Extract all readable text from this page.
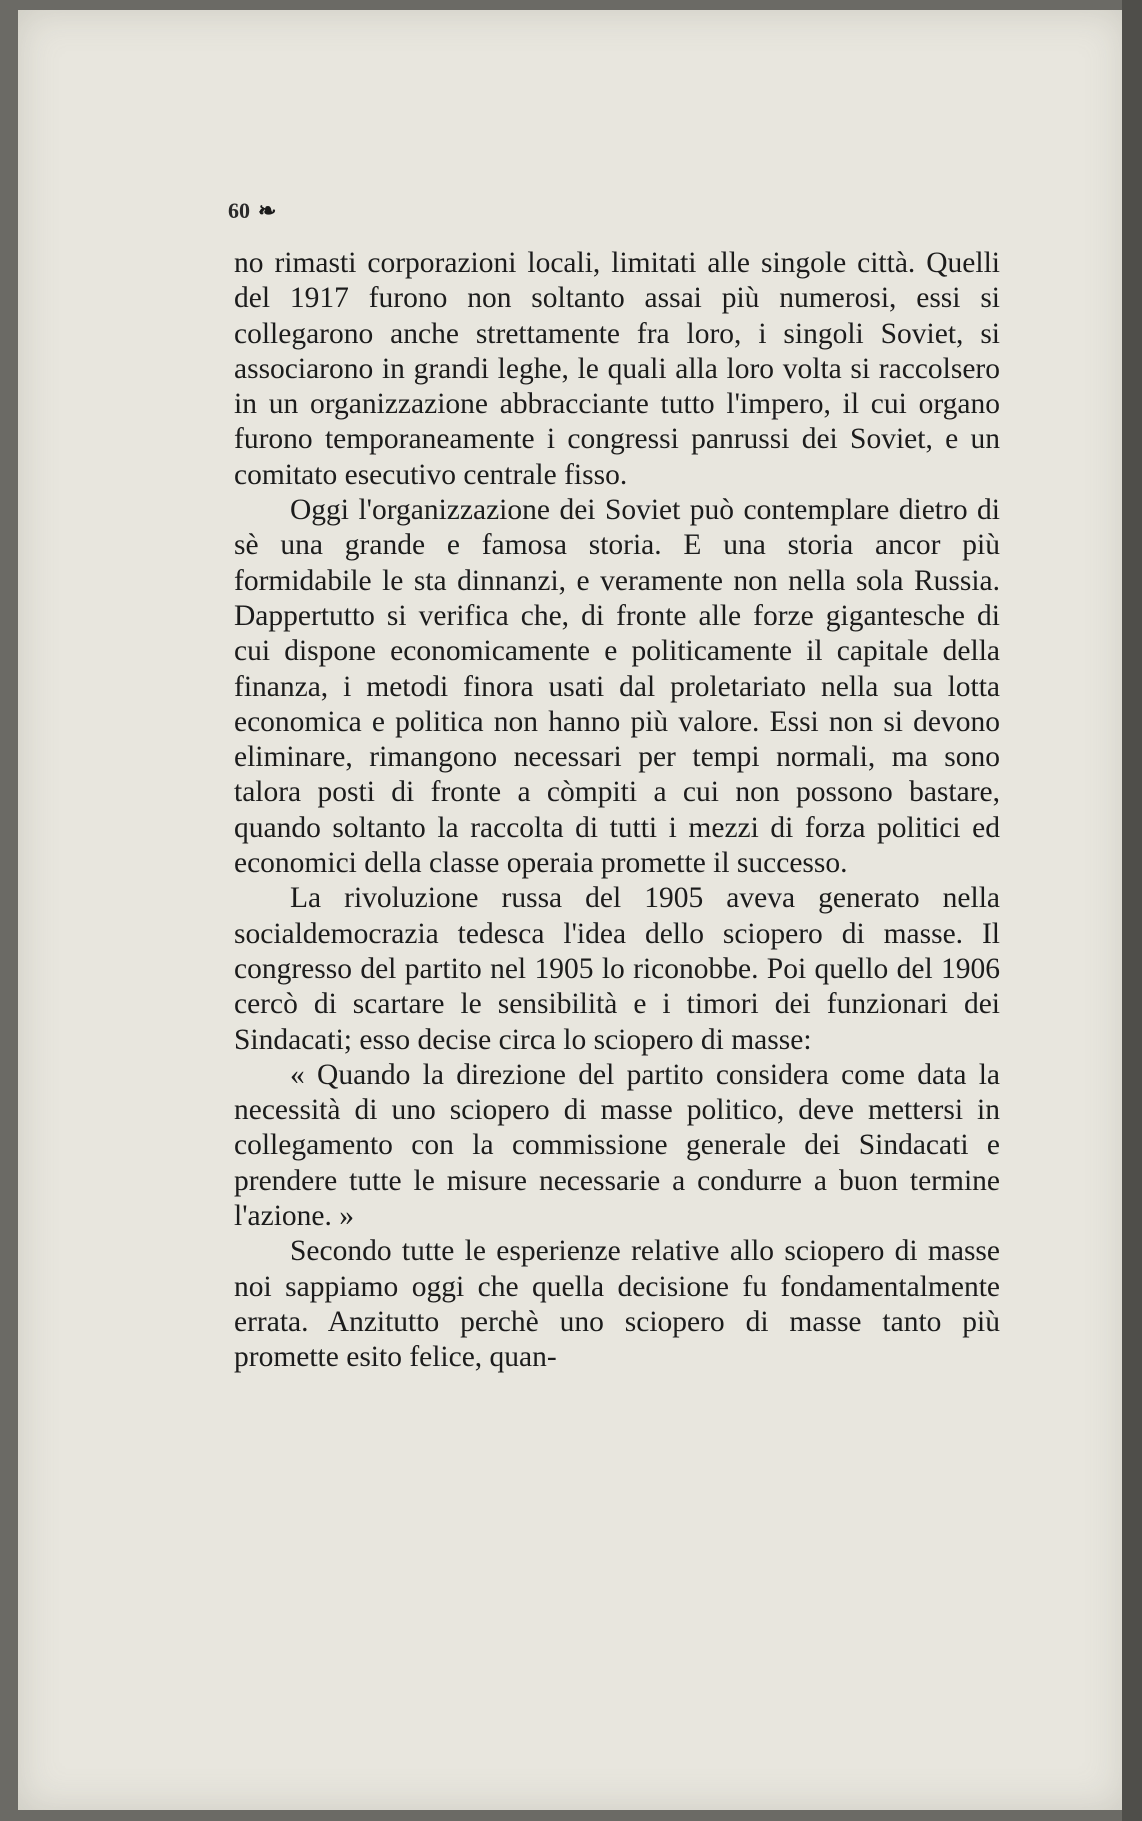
60 ❧

no rimasti corporazioni locali, limitati alle singole città. Quelli del 1917 furono non soltanto assai più numerosi, essi si collegarono anche strettamente fra loro, i singoli Soviet, si associarono in grandi leghe, le quali alla loro volta si raccolsero in un organizzazione abbracciante tutto l'impero, il cui organo furono temporaneamente i congressi panrussi dei Soviet, e un comitato esecutivo centrale fisso.

Oggi l'organizzazione dei Soviet può contemplare dietro di sè una grande e famosa storia. E una storia ancor più formidabile le sta dinnanzi, e veramente non nella sola Russia. Dappertutto si verifica che, di fronte alle forze gigantesche di cui dispone economicamente e politicamente il capitale della finanza, i metodi finora usati dal proletariato nella sua lotta economica e politica non hanno più valore. Essi non si devono eliminare, rimangono necessari per tempi normali, ma sono talora posti di fronte a còmpiti a cui non possono bastare, quando soltanto la raccolta di tutti i mezzi di forza politici ed economici della classe operaia promette il successo.

La rivoluzione russa del 1905 aveva generato nella socialdemocrazia tedesca l'idea dello sciopero di masse. Il congresso del partito nel 1905 lo riconobbe. Poi quello del 1906 cercò di scartare le sensibilità e i timori dei funzionari dei Sindacati; esso decise circa lo sciopero di masse:

« Quando la direzione del partito considera come data la necessità di uno sciopero di masse politico, deve mettersi in collegamento con la commissione generale dei Sindacati e prendere tutte le misure necessarie a condurre a buon termine l'azione. »

Secondo tutte le esperienze relative allo sciopero di masse noi sappiamo oggi che quella decisione fu fondamentalmente errata. Anzitutto perchè uno sciopero di masse tanto più promette esito felice, quan-
